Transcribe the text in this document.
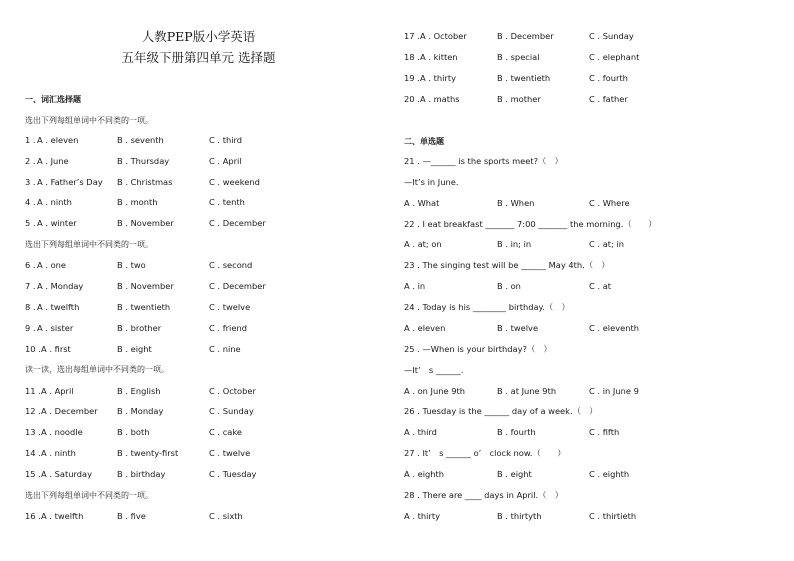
人教PEP版小学英语
五年级下册第四单元 选择题
一、词汇选择题
选出下列每组单词中不同类的一项。
1 . A . eleven	B . seventh	C . third
2 . A . June	B . Thursday	C . April
3 . A . Father’s Day B . Christmas	C . weekend
4 . A . ninth	B . month	C . tenth
5 . A . winter	B . November	C . December
选出下列每组单词中不同类的一项。
6 . A . one	B . two	C . second
7 . A . Monday	B . November	C . December
8 . A . twelfth	B . twentieth	C . twelve
9 . A . sister	B . brother	C . friend
10 . A . first	B . eight	C . nine
读一读，选出每组单词中不同类的一项。
11 . A . April	B . English	C . October
12 . A . December B . Monday	C . Sunday
13 . A . noodle	B . both	C . cake
14 . A . ninth	B . twenty-first	C . twelve
15 . A . Saturday	B . birthday	C . Tuesday
选出下列每组单词中不同类的一项。
16 . A . twelfth	B . five	C . sixth
17 . A . October	B . December	C . Sunday
18 . A . kitten	B . special	C . elephant
19 . A . thirty	B . twentieth	C . fourth
20 . A . maths	B . mother	C . father
二、单选题
21 . —______ is the sports meet?（　）
—It’s in June.
A . What	B . When	C . Where
22 . I eat breakfast _______ 7:00 _______ the morning.（　　）
A . at; on	B . in; in	C . at; in
23 . The singing test will be ______ May 4th.（　）
A . in	B . on	C . at
24 . Today is his ________ birthday.（　）
A . eleven	B . twelve	C . eleventh
25 . —When is your birthday?（　）
—It’　s ______.
A . on June 9th	B . at June 9th	C . in June 9
26 . Tuesday is the ______ day of a week.（　）
A . third	B . fourth	C . fifth
27 . It’　s ______ o’　clock now.（　　）
A . eighth	B . eight	C . eighth
28 . There are ____ days in April.（　）
A . thirty	B . thirtyth	C . thirtieth
